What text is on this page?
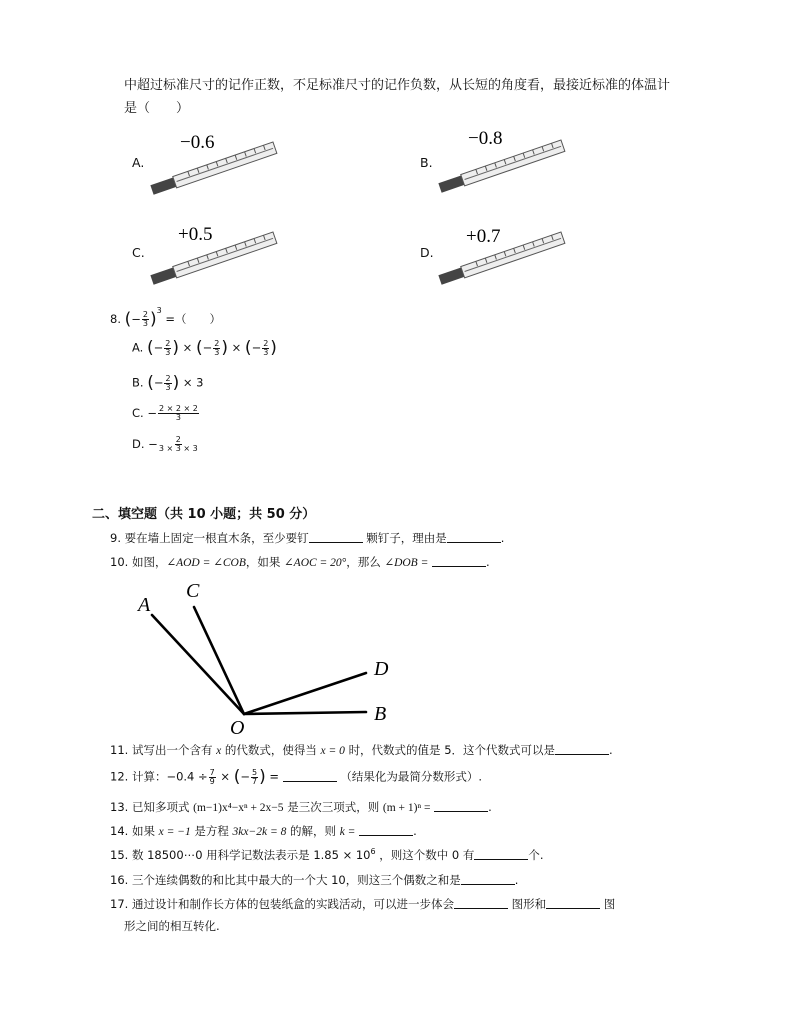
中超过标准尺寸的记作正数，不足标准尺寸的记作负数，从长短的角度看，最接近标准的体温计
是（　　）
A.	B.
C.	D.
−0.6	−0.8
+0.5	+0.7
8. (− $\frac{2}{3} )^3$ =（　　）
A. (− $\frac{2}{3}$ ) × (− $\frac{2}{3}$ ) × (− $\frac{2}{3}$ )
B. (− $\frac{2}{3}$ ) × 3
C. − $\frac{2 \times 2 \times 2}{3}$
D. − $\frac{2}{3 \times 3 \times 3}$
二、填空题（共 10 小题；共 50 分）
9. 要在墙上固定一根直木条，至少要钉	颗钉子，理由是	.
10. 如图，∠AOD = ∠COB，如果 ∠AOC = 20°，那么 ∠DOB =	.
A
C
D
O
B
11. 试写出一个含有 x 的代数式，使得当 x = 0 时，代数式的值是 5．这个代数式可以是	.
12. 计算：$-0.4 \div \frac{7}{9}$ × (− $\frac{5}{7}$ ) =	（结果化为最简分数形式）.
13. 已知多项式 (m−1)x⁴−xⁿ + 2x−5 是三次三项式，则 (m + 1)ⁿ =	.
14. 如果 x = −1 是方程 3kx−2k = 8 的解，则 k =	.
15. 数 18500⋯0 用科学记数法表示是 $1.85 \times 10^6$ ，则这个数中 0 有	个.
16. 三个连续偶数的和比其中最大的一个大 10，则这三个偶数之和是	.
17. 通过设计和制作长方体的包装纸盒的实践活动，可以进一步体会	图形和	图
形之间的相互转化.
